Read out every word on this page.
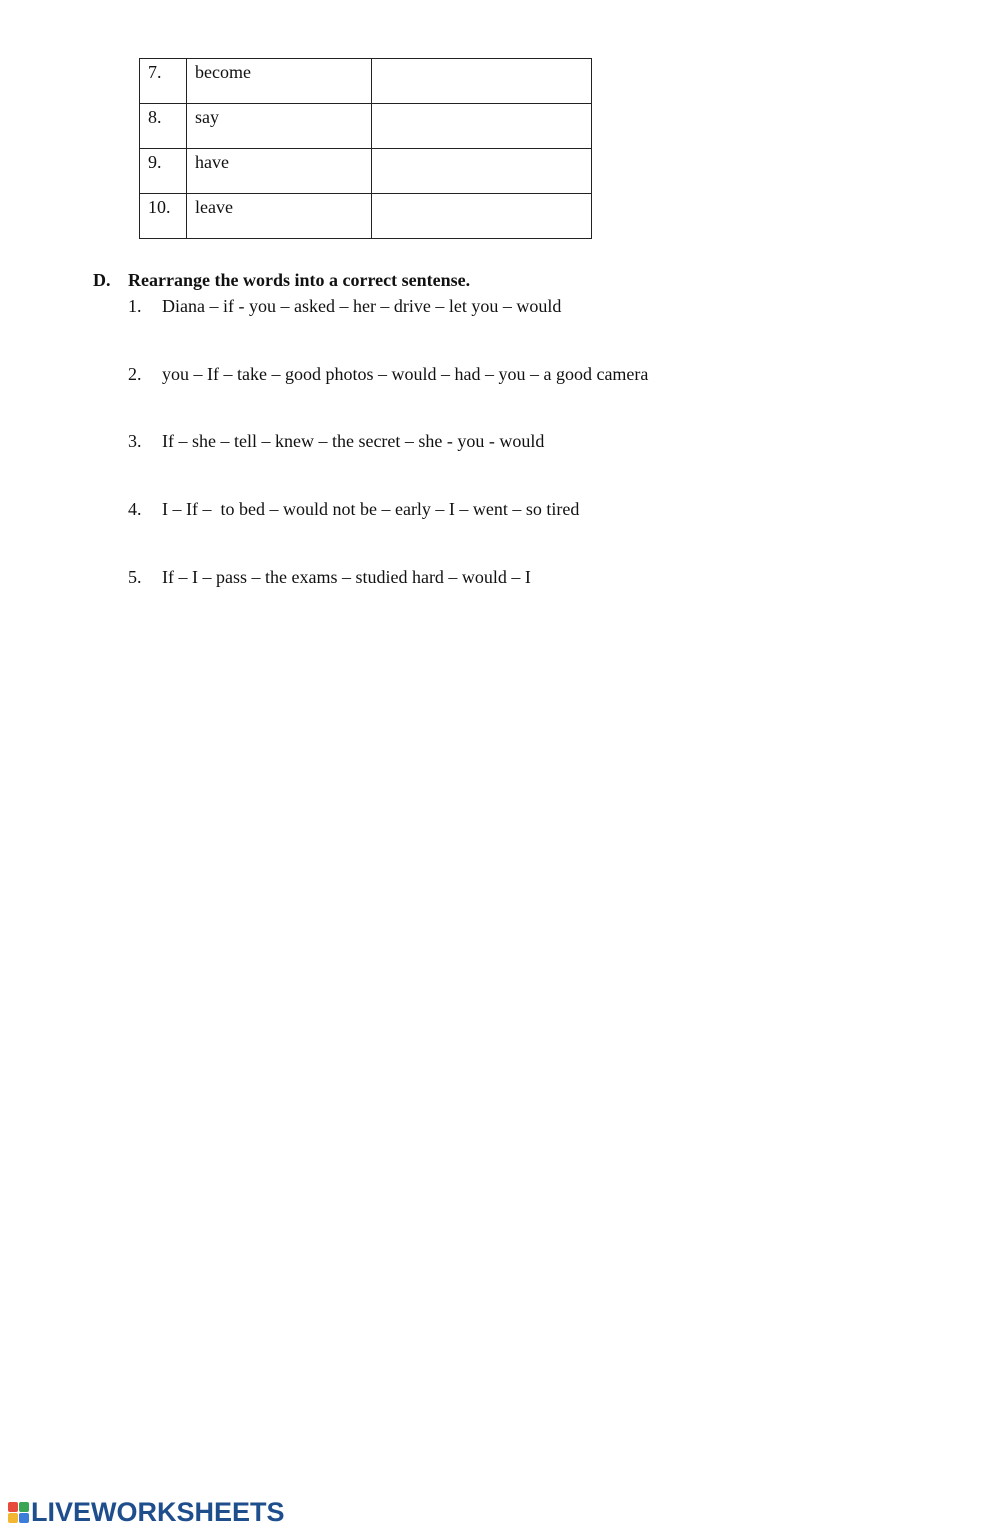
7.	become	
8.	say	
9.	have	
10.	leave	
D. Rearrange the words into a correct sentense.
1.	Diana – if - you – asked – her – drive – let you – would
2.	you – If – take – good photos – would – had – you – a good camera
3.	If – she – tell – knew – the secret – she - you - would
4.	I – If –  to bed – would not be – early – I – went – so tired
5.	If – I – pass – the exams – studied hard – would – I
LIVEWORKSHEETS
